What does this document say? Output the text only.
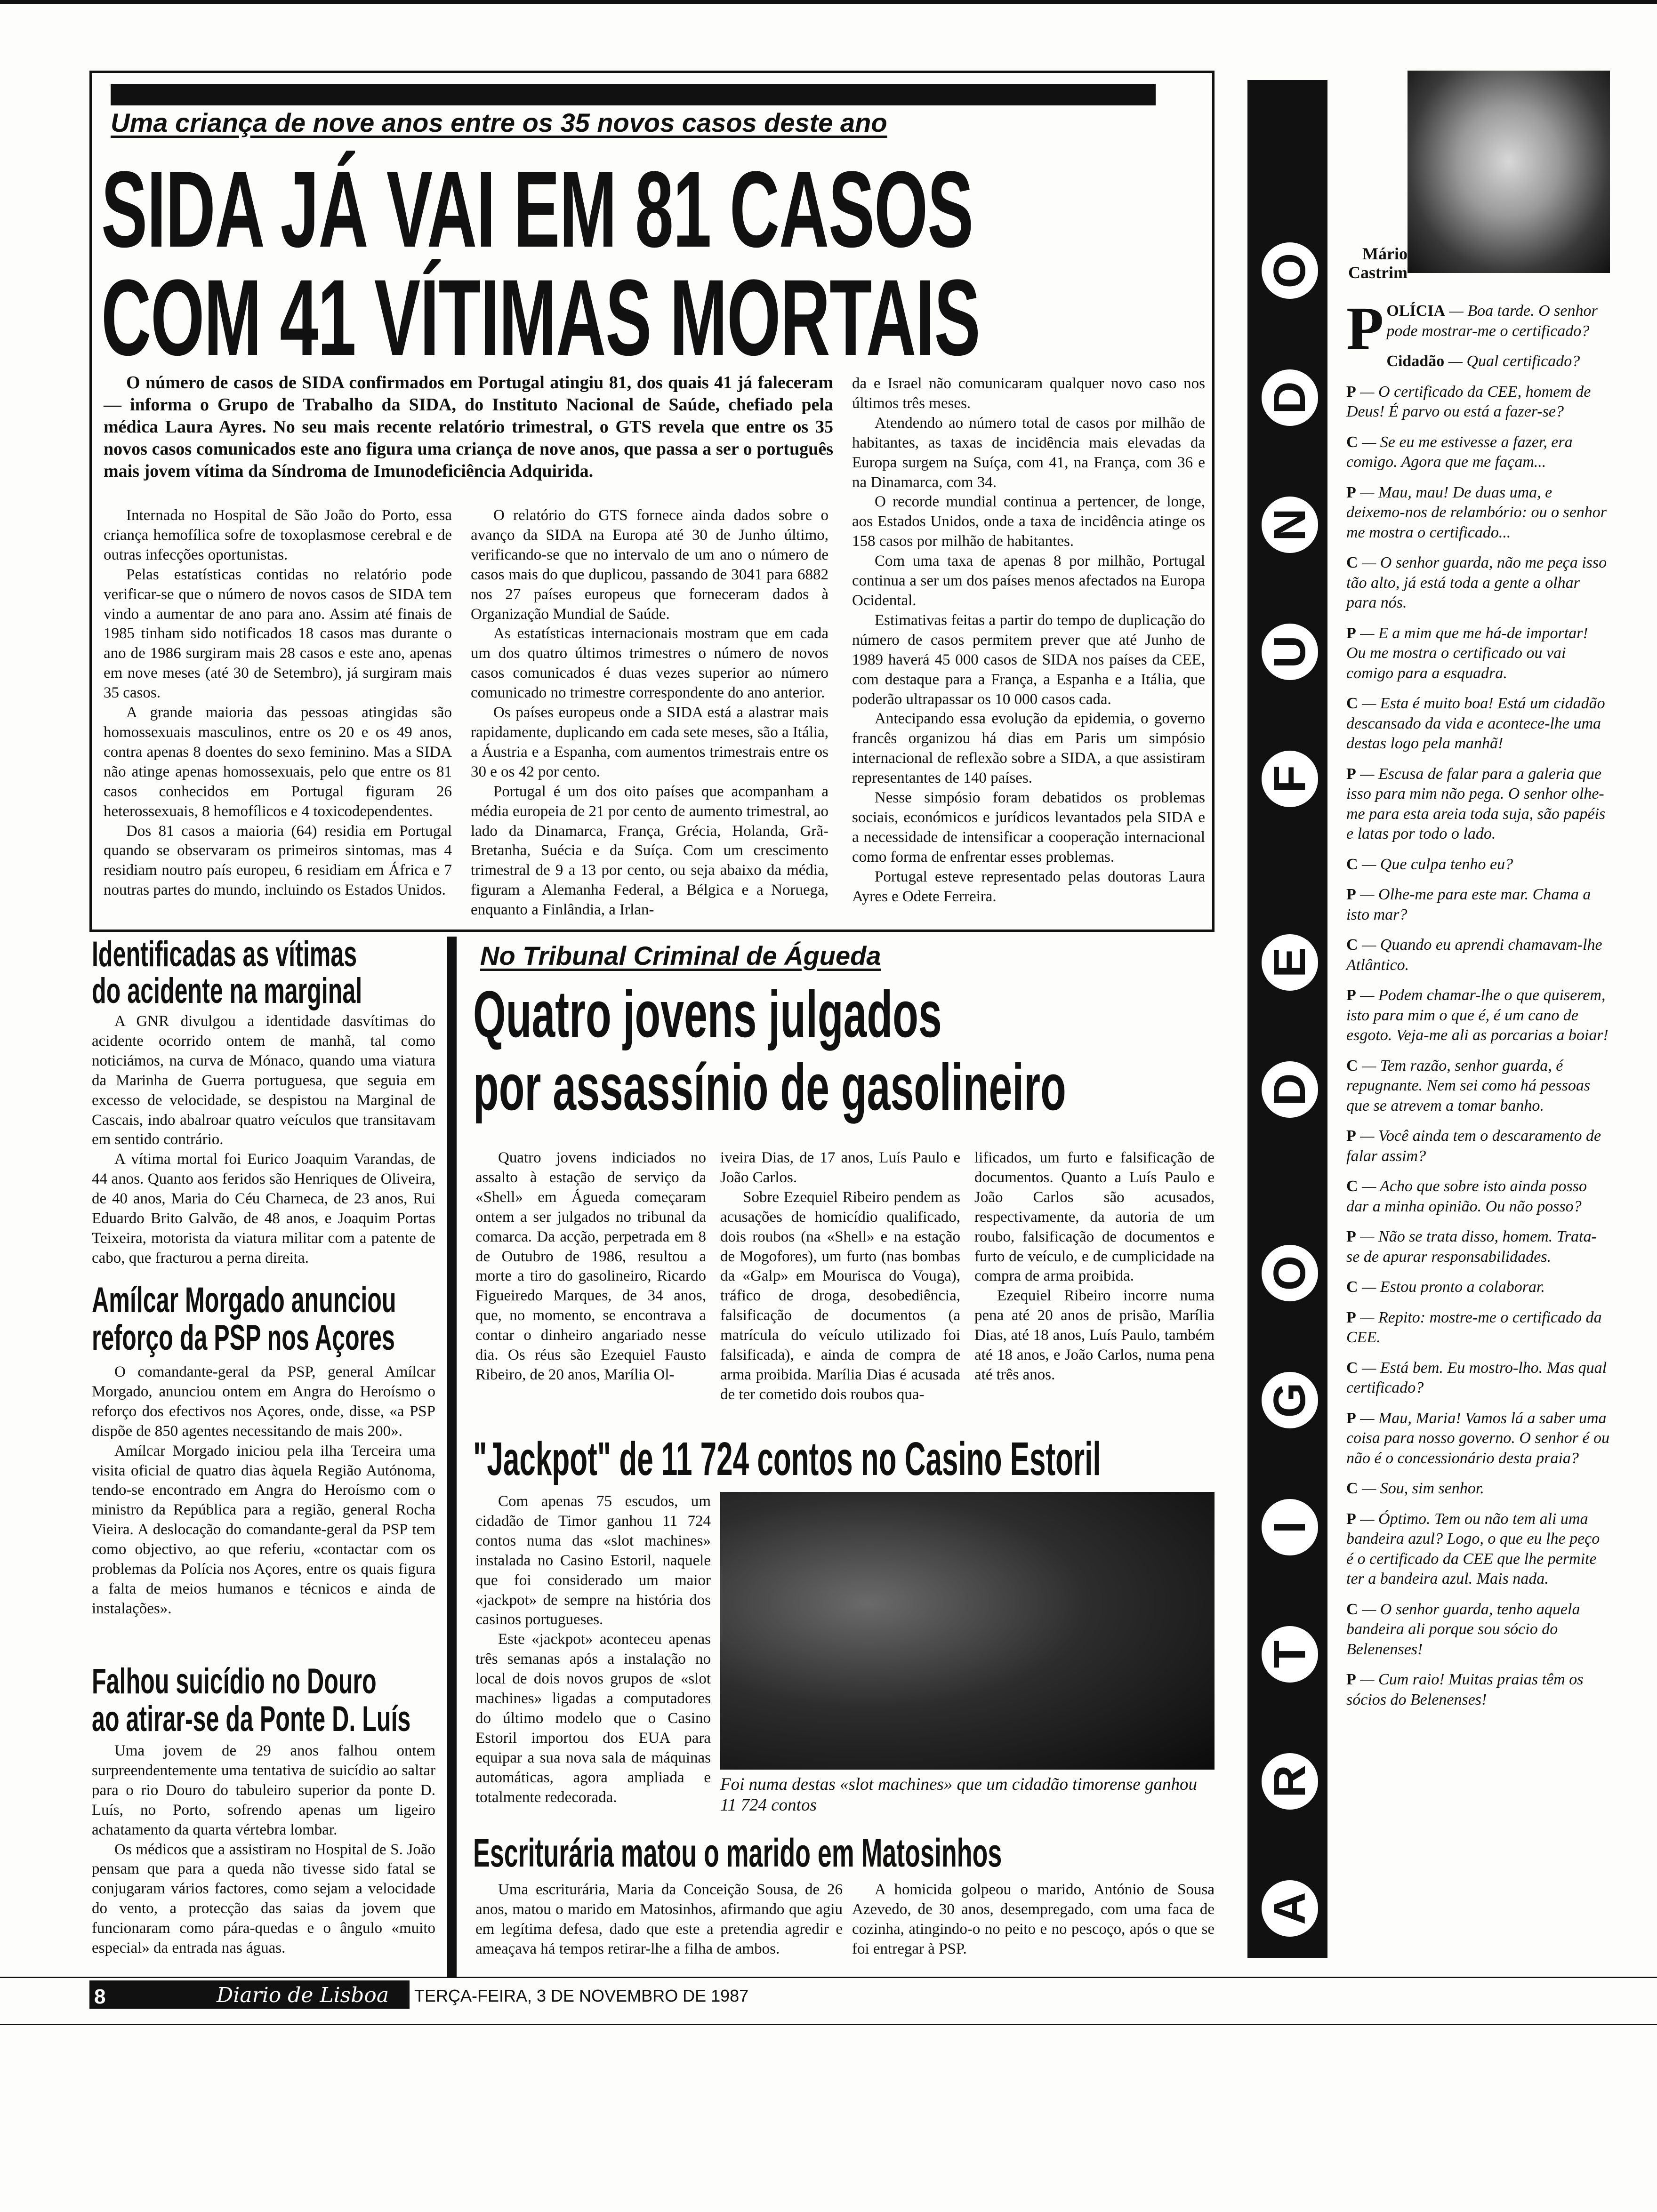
Uma criança de nove anos entre os 35 novos casos deste ano
SIDA JÁ VAI EM 81 CASOS
COM 41 VÍTIMAS MORTAIS

O número de casos de SIDA confirmados em Portugal atingiu 81, dos quais 41 já faleceram — informa o Grupo de Trabalho da SIDA, do Instituto Nacional de Saúde, chefiado pela médica Laura Ayres. No seu mais recente relatório trimestral, o GTS revela que entre os 35 novos casos comunicados este ano figura uma criança de nove anos, que passa a ser o português mais jovem vítima da Síndroma de Imunodeficiência Adquirida.

Internada no Hospital de São João do Porto, essa criança hemofílica sofre de toxoplasmose cerebral e de outras infecções oportunistas.

Pelas estatísticas contidas no relatório pode verificar-se que o número de novos casos de SIDA tem vindo a aumentar de ano para ano. Assim até finais de 1985 tinham sido notificados 18 casos mas durante o ano de 1986 surgiram mais 28 casos e este ano, apenas em nove meses (até 30 de Setembro), já surgiram mais 35 casos.

A grande maioria das pessoas atingidas são homossexuais masculinos, entre os 20 e os 49 anos, contra apenas 8 doentes do sexo feminino. Mas a SIDA não atinge apenas homossexuais, pelo que entre os 81 casos conhecidos em Portugal figuram 26 heterossexuais, 8 hemofílicos e 4 toxicodependentes.

Dos 81 casos a maioria (64) residia em Portugal quando se observaram os primeiros sintomas, mas 4 residiam noutro país europeu, 6 residiam em África e 7 noutras partes do mundo, incluindo os Estados Unidos.

O relatório do GTS fornece ainda dados sobre o avanço da SIDA na Europa até 30 de Junho último, verificando-se que no intervalo de um ano o número de casos mais do que duplicou, passando de 3041 para 6882 nos 27 países europeus que forneceram dados à Organização Mundial de Saúde.

As estatísticas internacionais mostram que em cada um dos quatro últimos trimestres o número de novos casos comunicados é duas vezes superior ao número comunicado no trimestre correspondente do ano anterior.

Os países europeus onde a SIDA está a alastrar mais rapidamente, duplicando em cada sete meses, são a Itália, a Áustria e a Espanha, com aumentos trimestrais entre os 30 e os 42 por cento.

Portugal é um dos oito países que acompanham a média europeia de 21 por cento de aumento trimestral, ao lado da Dinamarca, França, Grécia, Holanda, Grã-Bretanha, Suécia e da Suíça. Com um crescimento trimestral de 9 a 13 por cento, ou seja abaixo da média, figuram a Alemanha Federal, a Bélgica e a Noruega, enquanto a Finlândia, a Irlan-

da e Israel não comunicaram qualquer novo caso nos últimos três meses.

Atendendo ao número total de casos por milhão de habitantes, as taxas de incidência mais elevadas da Europa surgem na Suíça, com 41, na França, com 36 e na Dinamarca, com 34.

O recorde mundial continua a pertencer, de longe, aos Estados Unidos, onde a taxa de incidência atinge os 158 casos por milhão de habitantes.

Com uma taxa de apenas 8 por milhão, Portugal continua a ser um dos países menos afectados na Europa Ocidental.

Estimativas feitas a partir do tempo de duplicação do número de casos permitem prever que até Junho de 1989 haverá 45 000 casos de SIDA nos países da CEE, com destaque para a França, a Espanha e a Itália, que poderão ultrapassar os 10 000 casos cada.

Antecipando essa evolução da epidemia, o governo francês organizou há dias em Paris um simpósio internacional de reflexão sobre a SIDA, a que assistiram representantes de 140 países.

Nesse simpósio foram debatidos os problemas sociais, económicos e jurídicos levantados pela SIDA e a necessidade de intensificar a cooperação internacional como forma de enfrentar esses problemas.

Portugal esteve representado pelas doutoras Laura Ayres e Odete Ferreira.

Identificadas as vítimas
do acidente na marginal

A GNR divulgou a identidade dasvítimas do acidente ocorrido ontem de manhã, tal como noticiámos, na curva de Mónaco, quando uma viatura da Marinha de Guerra portuguesa, que seguia em excesso de velocidade, se despistou na Marginal de Cascais, indo abalroar quatro veículos que transitavam em sentido contrário.

A vítima mortal foi Eurico Joaquim Varandas, de 44 anos. Quanto aos feridos são Henriques de Oliveira, de 40 anos, Maria do Céu Charneca, de 23 anos, Rui Eduardo Brito Galvão, de 48 anos, e Joaquim Portas Teixeira, motorista da viatura militar com a patente de cabo, que fracturou a perna direita.

Amílcar Morgado anunciou
reforço da PSP nos Açores

O comandante-geral da PSP, general Amílcar Morgado, anunciou ontem em Angra do Heroísmo o reforço dos efectivos nos Açores, onde, disse, «a PSP dispõe de 850 agentes necessitando de mais 200».

Amílcar Morgado iniciou pela ilha Terceira uma visita oficial de quatro dias àquela Região Autónoma, tendo-se encontrado em Angra do Heroísmo com o ministro da República para a região, general Rocha Vieira. A deslocação do comandante-geral da PSP tem como objectivo, ao que referiu, «contactar com os problemas da Polícia nos Açores, entre os quais figura a falta de meios humanos e técnicos e ainda de instalações».

Falhou suicídio no Douro
ao atirar-se da Ponte D. Luís

Uma jovem de 29 anos falhou ontem surpreendentemente uma tentativa de suicídio ao saltar para o rio Douro do tabuleiro superior da ponte D. Luís, no Porto, sofrendo apenas um ligeiro achatamento da quarta vértebra lombar.

Os médicos que a assistiram no Hospital de S. João pensam que para a queda não tivesse sido fatal se conjugaram vários factores, como sejam a velocidade do vento, a protecção das saias da jovem que funcionaram como pára-quedas e o ângulo «muito especial» da entrada nas águas.

No Tribunal Criminal de Águeda
Quatro jovens julgados
por assassínio de gasolineiro

Quatro jovens indiciados no assalto à estação de serviço da «Shell» em Águeda começaram ontem a ser julgados no tribunal da comarca. Da acção, perpetrada em 8 de Outubro de 1986, resultou a morte a tiro do gasolineiro, Ricardo Figueiredo Marques, de 34 anos, que, no momento, se encontrava a contar o dinheiro angariado nesse dia. Os réus são Ezequiel Fausto Ribeiro, de 20 anos, Marília Ol-

iveira Dias, de 17 anos, Luís Paulo e João Carlos.

Sobre Ezequiel Ribeiro pendem as acusações de homicídio qualificado, dois roubos (na «Shell» e na estação de Mogofores), um furto (nas bombas da «Galp» em Mourisca do Vouga), tráfico de droga, desobediência, falsificação de documentos (a matrícula do veículo utilizado foi falsificada), e ainda de compra de arma proibida. Marília Dias é acusada de ter cometido dois roubos qua-

lificados, um furto e falsificação de documentos. Quanto a Luís Paulo e João Carlos são acusados, respectivamente, da autoria de um roubo, falsificação de documentos e furto de veículo, e de cumplicidade na compra de arma proibida.

Ezequiel Ribeiro incorre numa pena até 20 anos de prisão, Marília Dias, até 18 anos, Luís Paulo, também até 18 anos, e João Carlos, numa pena até três anos.

"Jackpot" de 11 724 contos no Casino Estoril

Com apenas 75 escudos, um cidadão de Timor ganhou 11 724 contos numa das «slot machines» instalada no Casino Estoril, naquele que foi considerado um maior «jackpot» de sempre na história dos casinos portugueses.

Este «jackpot» aconteceu apenas três semanas após a instalação no local de dois novos grupos de «slot machines» ligadas a computadores do último modelo que o Casino Estoril importou dos EUA para equipar a sua nova sala de máquinas automáticas, agora ampliada e totalmente redecorada.

Foi numa destas «slot machines» que um cidadão timorense ganhou 11 724 contos
Escriturária matou o marido em Matosinhos

Uma escriturária, Maria da Conceição Sousa, de 26 anos, matou o marido em Matosinhos, afirmando que agiu em legítima defesa, dado que este a pretendia agredir e ameaçava há tempos retirar-lhe a filha de ambos.

A homicida golpeou o marido, António de Sousa Azevedo, de 30 anos, desempregado, com uma faca de cozinha, atingindo-o no peito e no pescoço, após o que se foi entregar à PSP.

A
R
T
I
G
O
D
E
F
U
N
D
O	Mário
Castrim

POLÍCIA — Boa tarde. O senhor pode mostrar-me o certificado?

Cidadão — Qual certificado?

P — O certificado da CEE, homem de Deus! É parvo ou está a fazer-se?

C — Se eu me estivesse a fazer, era comigo. Agora que me façam...

P — Mau, mau! De duas uma, e deixemo-nos de relambório: ou o senhor me mostra o certificado...

C — O senhor guarda, não me peça isso tão alto, já está toda a gente a olhar para nós.

P — E a mim que me há-de importar! Ou me mostra o certificado ou vai comigo para a esquadra.

C — Esta é muito boa! Está um cidadão descansado da vida e acontece-lhe uma destas logo pela manhã!

P — Escusa de falar para a galeria que isso para mim não pega. O senhor olhe-me para esta areia toda suja, são papéis e latas por todo o lado.

C — Que culpa tenho eu?

P — Olhe-me para este mar. Chama a isto mar?

C — Quando eu aprendi chamavam-lhe Atlântico.

P — Podem chamar-lhe o que quiserem, isto para mim o que é, é um cano de esgoto. Veja-me ali as porcarias a boiar!

C — Tem razão, senhor guarda, é repugnante. Nem sei como há pessoas que se atrevem a tomar banho.

P — Você ainda tem o descaramento de falar assim?

C — Acho que sobre isto ainda posso dar a minha opinião. Ou não posso?

P — Não se trata disso, homem. Trata-se de apurar responsabilidades.

C — Estou pronto a colaborar.

P — Repito: mostre-me o certificado da CEE.

C — Está bem. Eu mostro-lho. Mas qual certificado?

P — Mau, Maria! Vamos lá a saber uma coisa para nosso governo. O senhor é ou não é o concessionário desta praia?

C — Sou, sim senhor.

P — Óptimo. Tem ou não tem ali uma bandeira azul? Logo, o que eu lhe peço é o certificado da CEE que lhe permite ter a bandeira azul. Mais nada.

C — O senhor guarda, tenho aquela bandeira ali porque sou sócio do Belenenses!

P — Cum raio! Muitas praias têm os sócios do Belenenses!

8	Diario de Lisboa TERÇA-FEIRA, 3 DE NOVEMBRO DE 1987
